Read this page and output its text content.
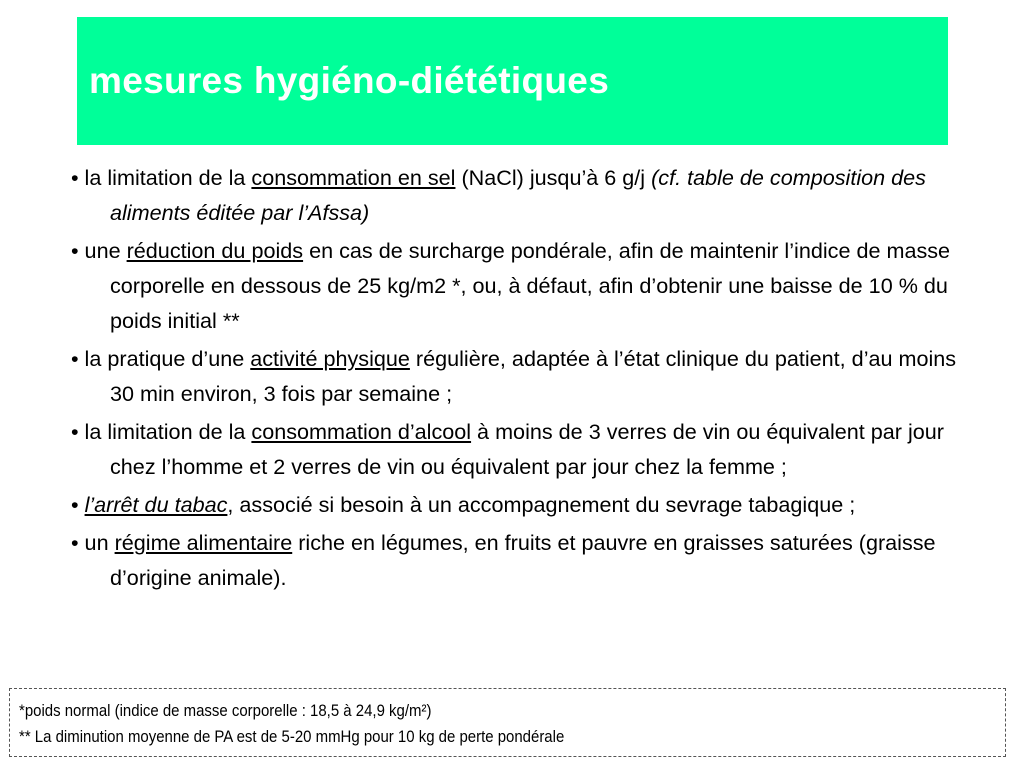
mesures hygiéno-diététiques
• la limitation de la consommation en sel (NaCl) jusqu’à 6 g/j (cf. table de composition des aliments éditée par l’Afssa)
• une réduction du poids en cas de surcharge pondérale, afin de maintenir l’indice de masse corporelle en dessous de 25 kg/m2 *, ou, à défaut, afin d’obtenir une baisse de 10 % du poids initial **
• la pratique d’une activité physique régulière, adaptée à l’état clinique du patient, d’au moins 30 min environ, 3 fois par semaine ;
• la limitation de la consommation d’alcool à moins de 3 verres de vin ou équivalent par jour chez l’homme et 2 verres de vin ou équivalent par jour chez la femme ;
• l’arrêt du tabac, associé si besoin à un accompagnement du sevrage tabagique ;
• un régime alimentaire riche en légumes, en fruits et pauvre en graisses saturées (graisse d’origine animale).
*poids normal (indice de masse corporelle : 18,5 à 24,9 kg/m²)
** La diminution moyenne de PA est de 5-20 mmHg pour 10 kg de perte pondérale
